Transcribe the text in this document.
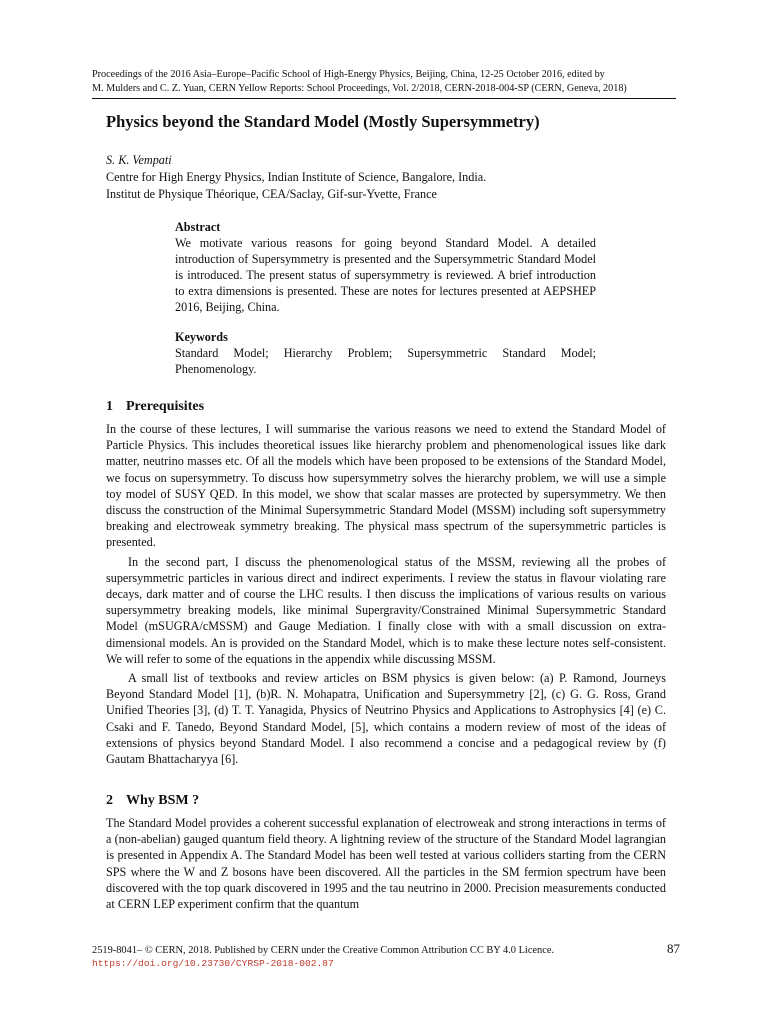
Proceedings of the 2016 Asia–Europe–Pacific School of High-Energy Physics, Beijing, China, 12-25 October 2016, edited by
M. Mulders and C. Z. Yuan, CERN Yellow Reports: School Proceedings, Vol. 2/2018, CERN-2018-004-SP (CERN, Geneva, 2018)
Physics beyond the Standard Model (Mostly Supersymmetry)
S. K. Vempati
Centre for High Energy Physics, Indian Institute of Science, Bangalore, India.
Institut de Physique Théorique, CEA/Saclay, Gif-sur-Yvette, France
Abstract

We motivate various reasons for going beyond Standard Model. A detailed introduction of Supersymmetry is presented and the Supersymmetric Standard Model is introduced. The present status of supersymmetry is reviewed. A brief introduction to extra dimensions is presented. These are notes for lectures presented at AEPSHEP 2016, Beijing, China.

Keywords

Standard Model; Hierarchy Problem; Supersymmetric Standard Model; Phenomenology.

1 Prerequisites

In the course of these lectures, I will summarise the various reasons we need to extend the Standard Model of Particle Physics. This includes theoretical issues like hierarchy problem and phenomenological issues like dark matter, neutrino masses etc. Of all the models which have been proposed to be extensions of the Standard Model, we focus on supersymmetry. To discuss how supersymmetry solves the hierarchy problem, we will use a simple toy model of SUSY QED. In this model, we show that scalar masses are protected by supersymmetry. We then discuss the construction of the Minimal Supersymmetric Standard Model (MSSM) including soft supersymmetry breaking and electroweak symmetry breaking. The physical mass spectrum of the supersymmetric particles is presented.

In the second part, I discuss the phenomenological status of the MSSM, reviewing all the probes of supersymmetric particles in various direct and indirect experiments. I review the status in flavour violating rare decays, dark matter and of course the LHC results. I then discuss the implications of various results on various supersymmetry breaking models, like minimal Supergravity/Constrained Minimal Supersymmetric Standard Model (mSUGRA/cMSSM) and Gauge Mediation. I finally close with with a small discussion on extra-dimensional models. An is provided on the Standard Model, which is to make these lecture notes self-consistent. We will refer to some of the equations in the appendix while discussing MSSM.

A small list of textbooks and review articles on BSM physics is given below: (a) P. Ramond, Journeys Beyond Standard Model [1], (b)R. N. Mohapatra, Unification and Supersymmetry [2], (c) G. G. Ross, Grand Unified Theories [3], (d) T. T. Yanagida, Physics of Neutrino Physics and Applications to Astrophysics [4] (e) C. Csaki and F. Tanedo, Beyond Standard Model, [5], which contains a modern review of most of the ideas of extensions of physics beyond Standard Model. I also recommend a concise and a pedagogical review by (f) Gautam Bhattacharyya [6].

2 Why BSM ?

The Standard Model provides a coherent successful explanation of electroweak and strong interactions in terms of a (non-abelian) gauged quantum field theory. A lightning review of the structure of the Standard Model lagrangian is presented in Appendix A. The Standard Model has been well tested at various colliders starting from the CERN SPS where the W and Z bosons have been discovered. All the particles in the SM fermion spectrum have been discovered with the top quark discovered in 1995 and the tau neutrino in 2000. Precision measurements conducted at CERN LEP experiment confirm that the quantum

2519-8041– © CERN, 2018. Published by CERN under the Creative Common Attribution CC BY 4.0 Licence.
https://doi.org/10.23730/CYRSP-2018-002.87
87
